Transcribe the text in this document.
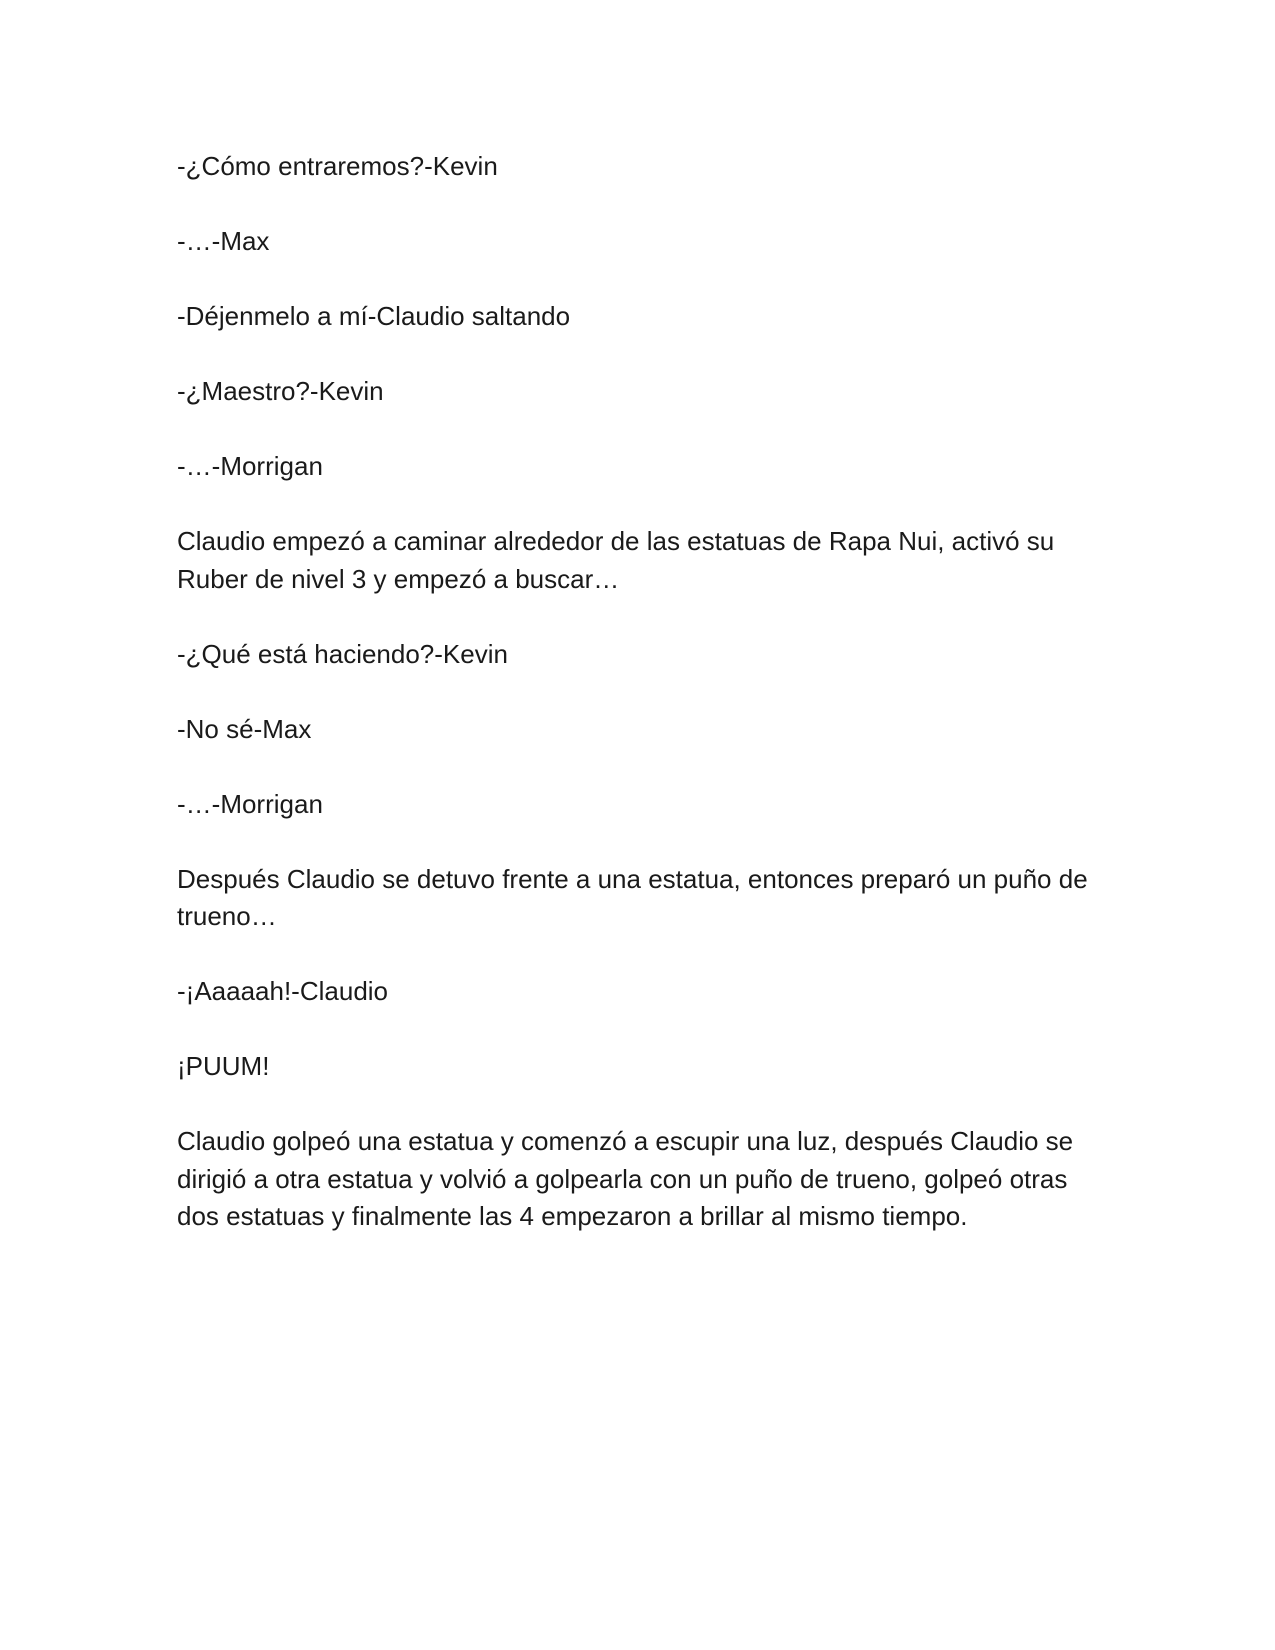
-¿Cómo entraremos?-Kevin

-…-Max

-Déjenmelo a mí-Claudio saltando

-¿Maestro?-Kevin

-…-Morrigan

Claudio empezó a caminar alrededor de las estatuas de Rapa Nui, activó su Ruber de nivel 3 y empezó a buscar…

-¿Qué está haciendo?-Kevin

-No sé-Max

-…-Morrigan

Después Claudio se detuvo frente a una estatua, entonces preparó un puño de trueno…

-¡Aaaaah!-Claudio

¡PUUM!

Claudio golpeó una estatua y comenzó a escupir una luz, después Claudio se dirigió a otra estatua y volvió a golpearla con un puño de trueno, golpeó otras dos estatuas y finalmente las 4 empezaron a brillar al mismo tiempo.
